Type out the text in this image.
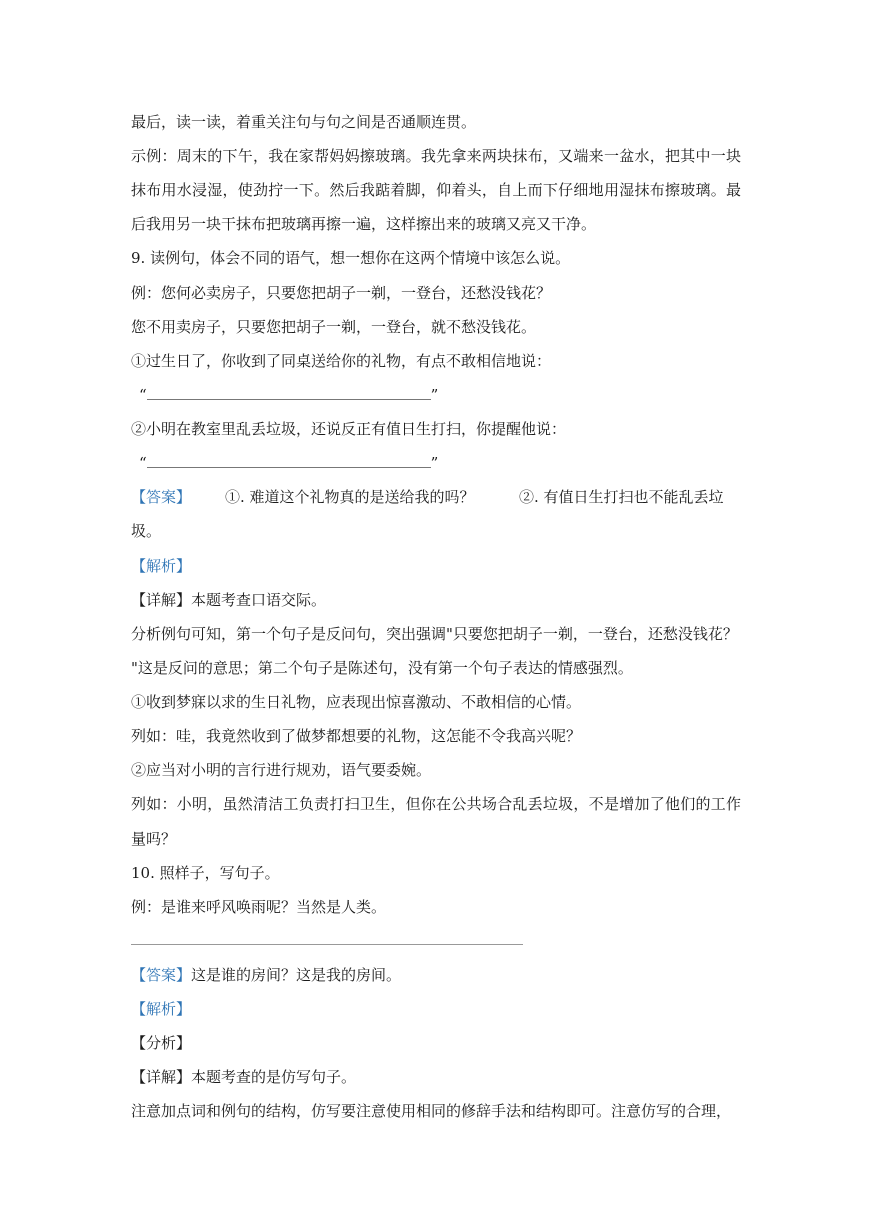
最后，读一读，着重关注句与句之间是否通顺连贯。
示例：周末的下午，我在家帮妈妈擦玻璃。我先拿来两块抹布，又端来一盆水，把其中一块
抹布用水浸湿，使劲拧一下。然后我踮着脚，仰着头，自上而下仔细地用湿抹布擦玻璃。最
后我用另一块干抹布把玻璃再擦一遍，这样擦出来的玻璃又亮又干净。
9. 读例句，体会不同的语气，想一想你在这两个情境中该怎么说。
例：您何必卖房子，只要您把胡子一剃，一登台，还愁没钱花？
您不用卖房子，只要您把胡子一剃，一登台，就不愁没钱花。
①过生日了，你收到了同桌送给你的礼物，有点不敢相信地说：
“	”
②小明在教室里乱丢垃圾，还说反正有值日生打扫，你提醒他说：
“	”
【答案】 ①. 难道这个礼物真的是送给我的吗？	②. 有值日生打扫也不能乱丢垃
圾。
【解析】
【详解】本题考查口语交际。
分析例句可知，第一个句子是反问句，突出强调"只要您把胡子一剃，一登台，还愁没钱花？
"这是反问的意思；第二个句子是陈述句，没有第一个句子表达的情感强烈。
①收到梦寐以求的生日礼物，应表现出惊喜激动、不敢相信的心情。
列如：哇，我竟然收到了做梦都想要的礼物，这怎能不令我高兴呢？
②应当对小明的言行进行规劝，语气要委婉。
列如：小明，虽然清洁工负责打扫卫生，但你在公共场合乱丢垃圾，不是增加了他们的工作
量吗？
10. 照样子，写句子。
例：是谁来呼风唤雨呢？当然是人类。
【答案】这是谁的房间？这是我的房间。
【解析】
【分析】
【详解】本题考查的是仿写句子。
注意加点词和例句的结构，仿写要注意使用相同的修辞手法和结构即可。注意仿写的合理，
